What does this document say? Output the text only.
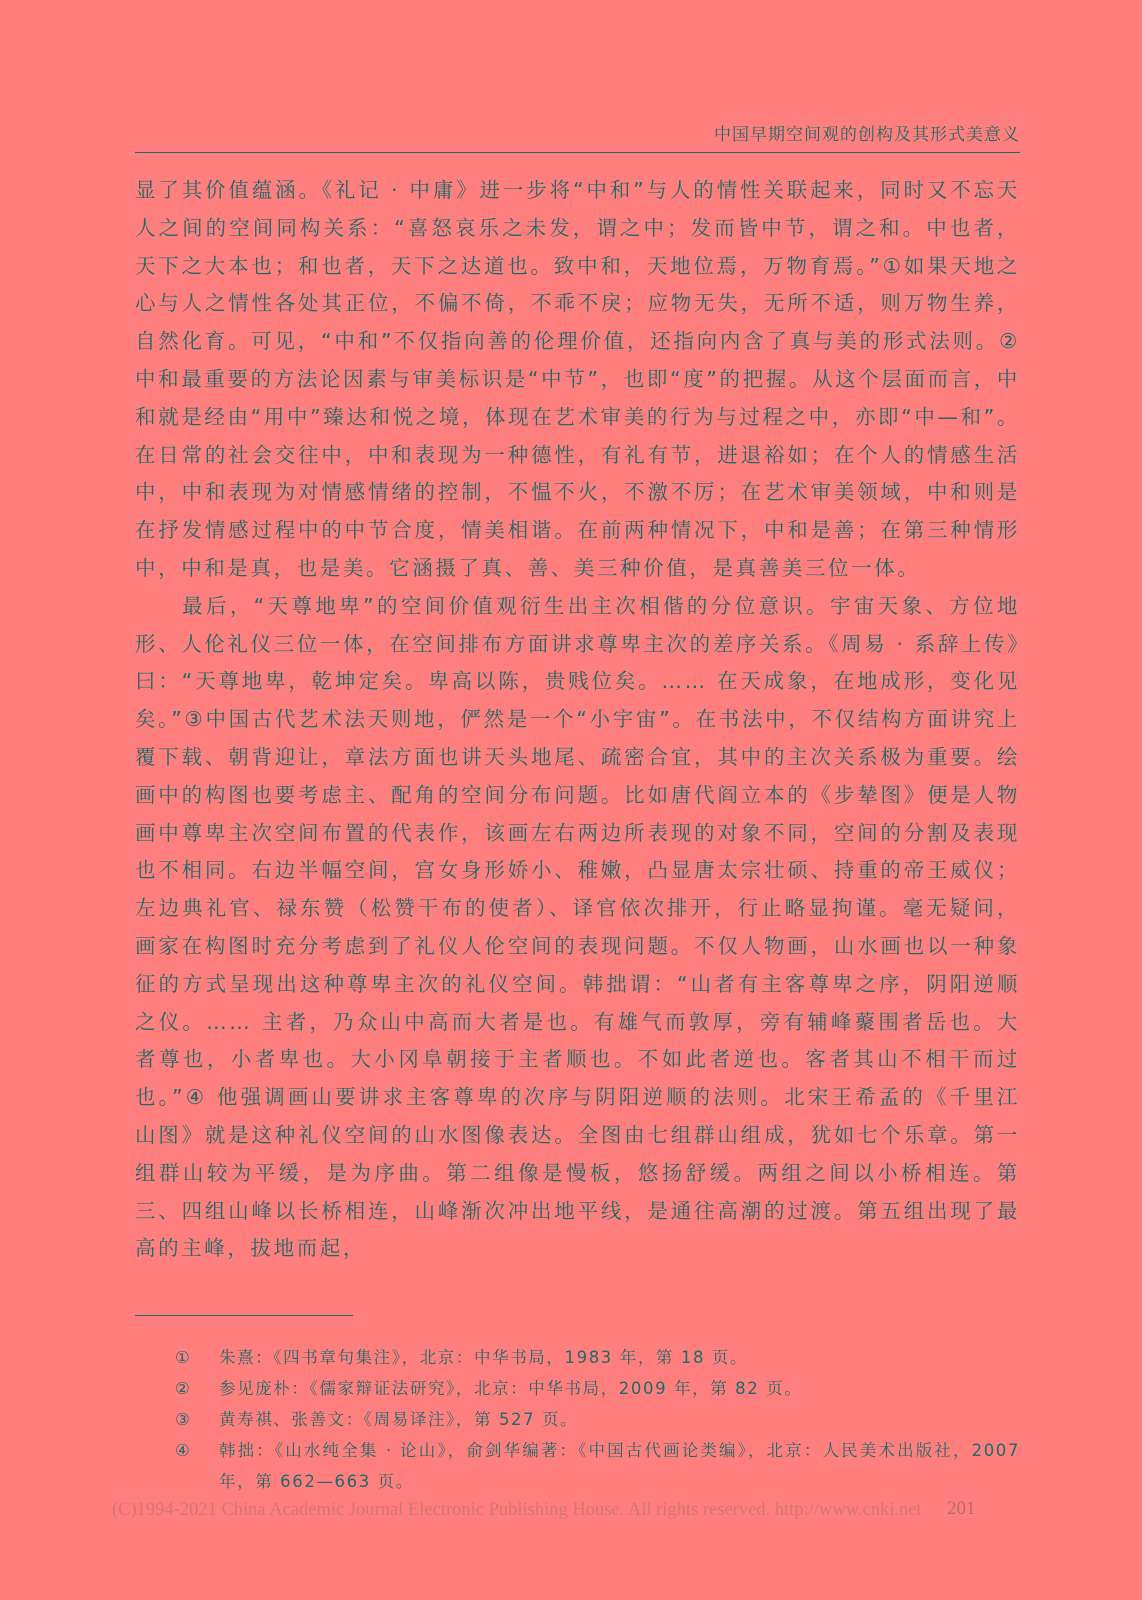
中国早期空间观的创构及其形式美意义

显了其价值蕴涵。《礼记 · 中庸》进一步将“中和”与人的情性关联起来，同时又不忘天人之间的空间同构关系：“喜怒哀乐之未发，谓之中；发而皆中节，谓之和。中也者，天下之大本也；和也者，天下之达道也。致中和，天地位焉，万物育焉。”①如果天地之心与人之情性各处其正位，不偏不倚，不乖不戾；应物无失，无所不适，则万物生养，自然化育。可见，“中和”不仅指向善的伦理价值，还指向内含了真与美的形式法则。② 中和最重要的方法论因素与审美标识是“中节”，也即“度”的把握。从这个层面而言，中和就是经由“用中”臻达和悦之境，体现在艺术审美的行为与过程之中，亦即“中—和”。在日常的社会交往中，中和表现为一种德性，有礼有节，进退裕如；在个人的情感生活中，中和表现为对情感情绪的控制，不愠不火，不激不厉；在艺术审美领域，中和则是在抒发情感过程中的中节合度，情美相谐。在前两种情况下，中和是善；在第三种情形中，中和是真，也是美。它涵摄了真、善、美三种价值，是真善美三位一体。

最后，“天尊地卑”的空间价值观衍生出主次相偕的分位意识。宇宙天象、方位地形、人伦礼仪三位一体，在空间排布方面讲求尊卑主次的差序关系。《周易 · 系辞上传》曰：“天尊地卑，乾坤定矣。卑高以陈，贵贱位矣。…… 在天成象，在地成形，变化见矣。”③中国古代艺术法天则地，俨然是一个“小宇宙”。在书法中，不仅结构方面讲究上覆下载、朝背迎让，章法方面也讲天头地尾、疏密合宜，其中的主次关系极为重要。绘画中的构图也要考虑主、配角的空间分布问题。比如唐代阎立本的《步辇图》便是人物画中尊卑主次空间布置的代表作，该画左右两边所表现的对象不同，空间的分割及表现也不相同。右边半幅空间，宫女身形娇小、稚嫩，凸显唐太宗壮硕、持重的帝王威仪；左边典礼官、禄东赞（松赞干布的使者）、译官依次排开，行止略显拘谨。毫无疑问，画家在构图时充分考虑到了礼仪人伦空间的表现问题。不仅人物画，山水画也以一种象征的方式呈现出这种尊卑主次的礼仪空间。韩拙谓：“山者有主客尊卑之序，阴阳逆顺之仪。…… 主者，乃众山中高而大者是也。有雄气而敦厚，旁有辅峰藂围者岳也。大者尊也，小者卑也。大小冈阜朝接于主者顺也。不如此者逆也。客者其山不相干而过也。”④ 他强调画山要讲求主客尊卑的次序与阴阳逆顺的法则。北宋王希孟的《千里江山图》就是这种礼仪空间的山水图像表达。全图由七组群山组成，犹如七个乐章。第一组群山较为平缓，是为序曲。第二组像是慢板，悠扬舒缓。两组之间以小桥相连。第三、四组山峰以长桥相连，山峰渐次冲出地平线，是通往高潮的过渡。第五组出现了最高的主峰，拔地而起，

①	朱熹：《四书章句集注》，北京：中华书局，1983 年，第 18 页。
②	参见庞朴：《儒家辩证法研究》，北京：中华书局，2009 年，第 82 页。
③	黄寿祺、张善文：《周易译注》，第 527 页。
④	韩拙：《山水纯全集 · 论山》，俞剑华编著：《中国古代画论类编》，北京：人民美术出版社，2007 年，第 662—663 页。
(C)1994-2021 China Academic Journal Electronic Publishing House. All rights reserved. http://www.cnki.net	201
